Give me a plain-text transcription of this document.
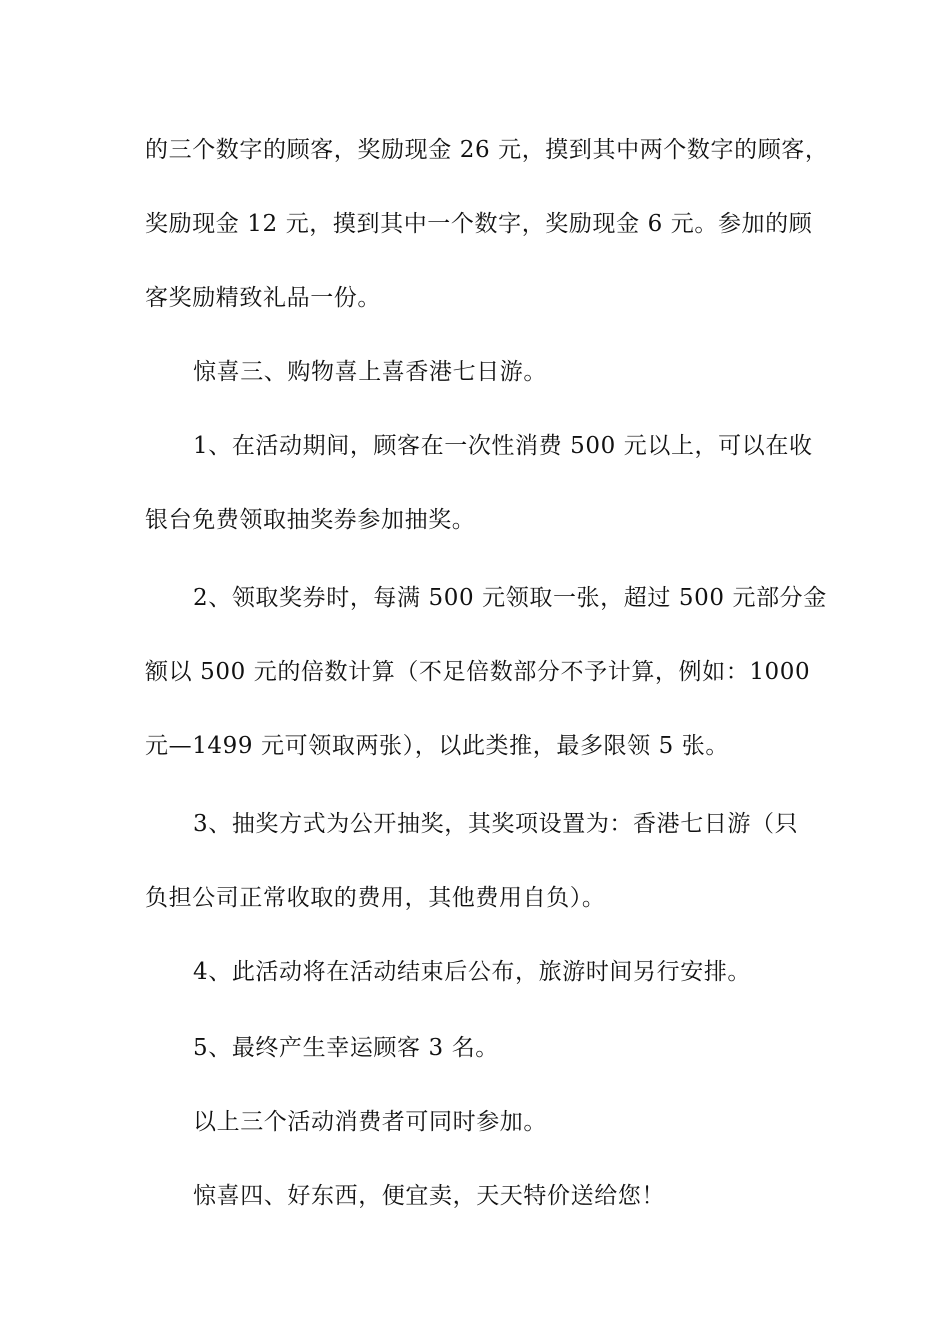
的三个数字的顾客，奖励现金 26 元，摸到其中两个数字的顾客，
奖励现金 12 元，摸到其中一个数字，奖励现金 6 元。参加的顾
客奖励精致礼品一份。
惊喜三、购物喜上喜香港七日游。
1、在活动期间，顾客在一次性消费 500 元以上，可以在收
银台免费领取抽奖券参加抽奖。
2、领取奖券时，每满 500 元领取一张，超过 500 元部分金
额以 500 元的倍数计算（不足倍数部分不予计算，例如：1000
元—1499 元可领取两张），以此类推，最多限领 5 张。
3、抽奖方式为公开抽奖，其奖项设置为：香港七日游（只
负担公司正常收取的费用，其他费用自负）。
4、此活动将在活动结束后公布，旅游时间另行安排。
5、最终产生幸运顾客 3 名。
以上三个活动消费者可同时参加。
惊喜四、好东西，便宜卖，天天特价送给您！
